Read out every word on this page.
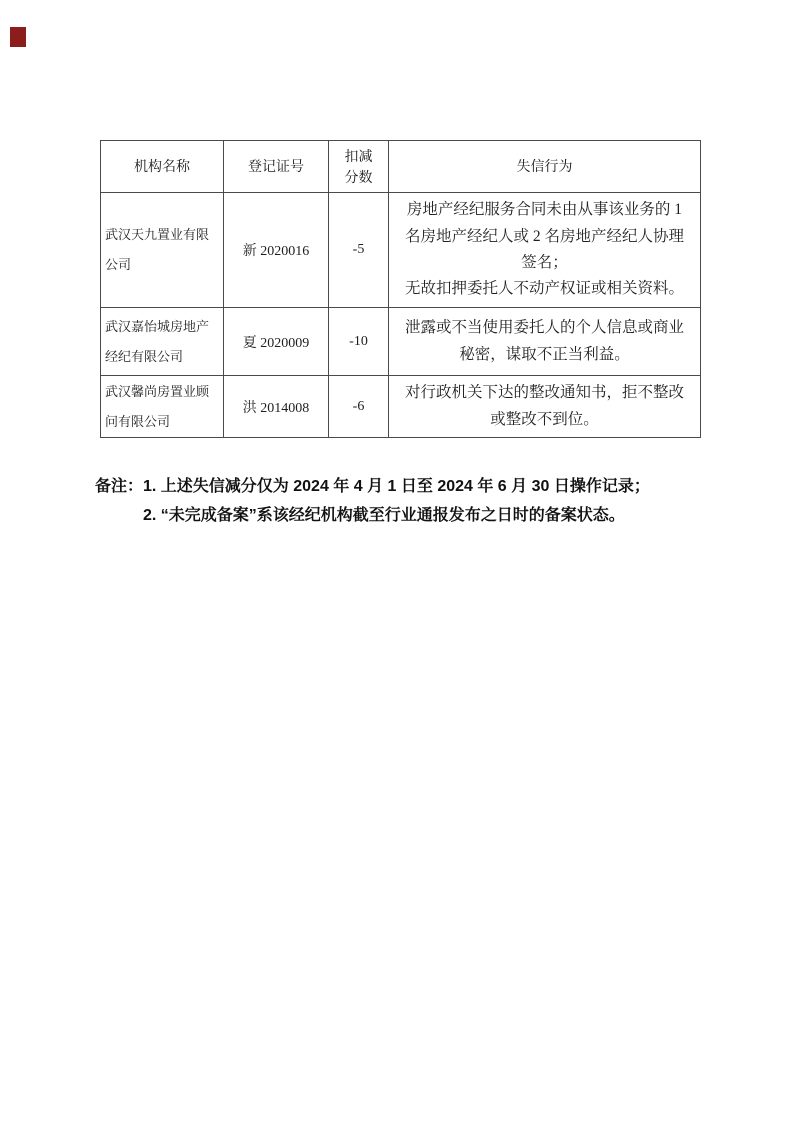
机构名称	登记证号	扣减分数	失信行为
武汉天九置业有限公司	新 2020016	-5	房地产经纪服务合同未由从事该业务的 1 名房地产经纪人或 2 名房地产经纪人协理签名；
无故扣押委托人不动产权证或相关资料。

武汉嘉怡城房地产经纪有限公司	夏 2020009	-10	泄露或不当使用委托人的个人信息或商业秘密，谋取不正当利益。

武汉馨尚房置业顾问有限公司	洪 2014008	-6	对行政机关下达的整改通知书，拒不整改或整改不到位。
备注：1. 上述失信减分仅为 2024 年 4 月 1 日至 2024 年 6 月 30 日操作记录；
2. “未完成备案”系该经纪机构截至行业通报发布之日时的备案状态。
